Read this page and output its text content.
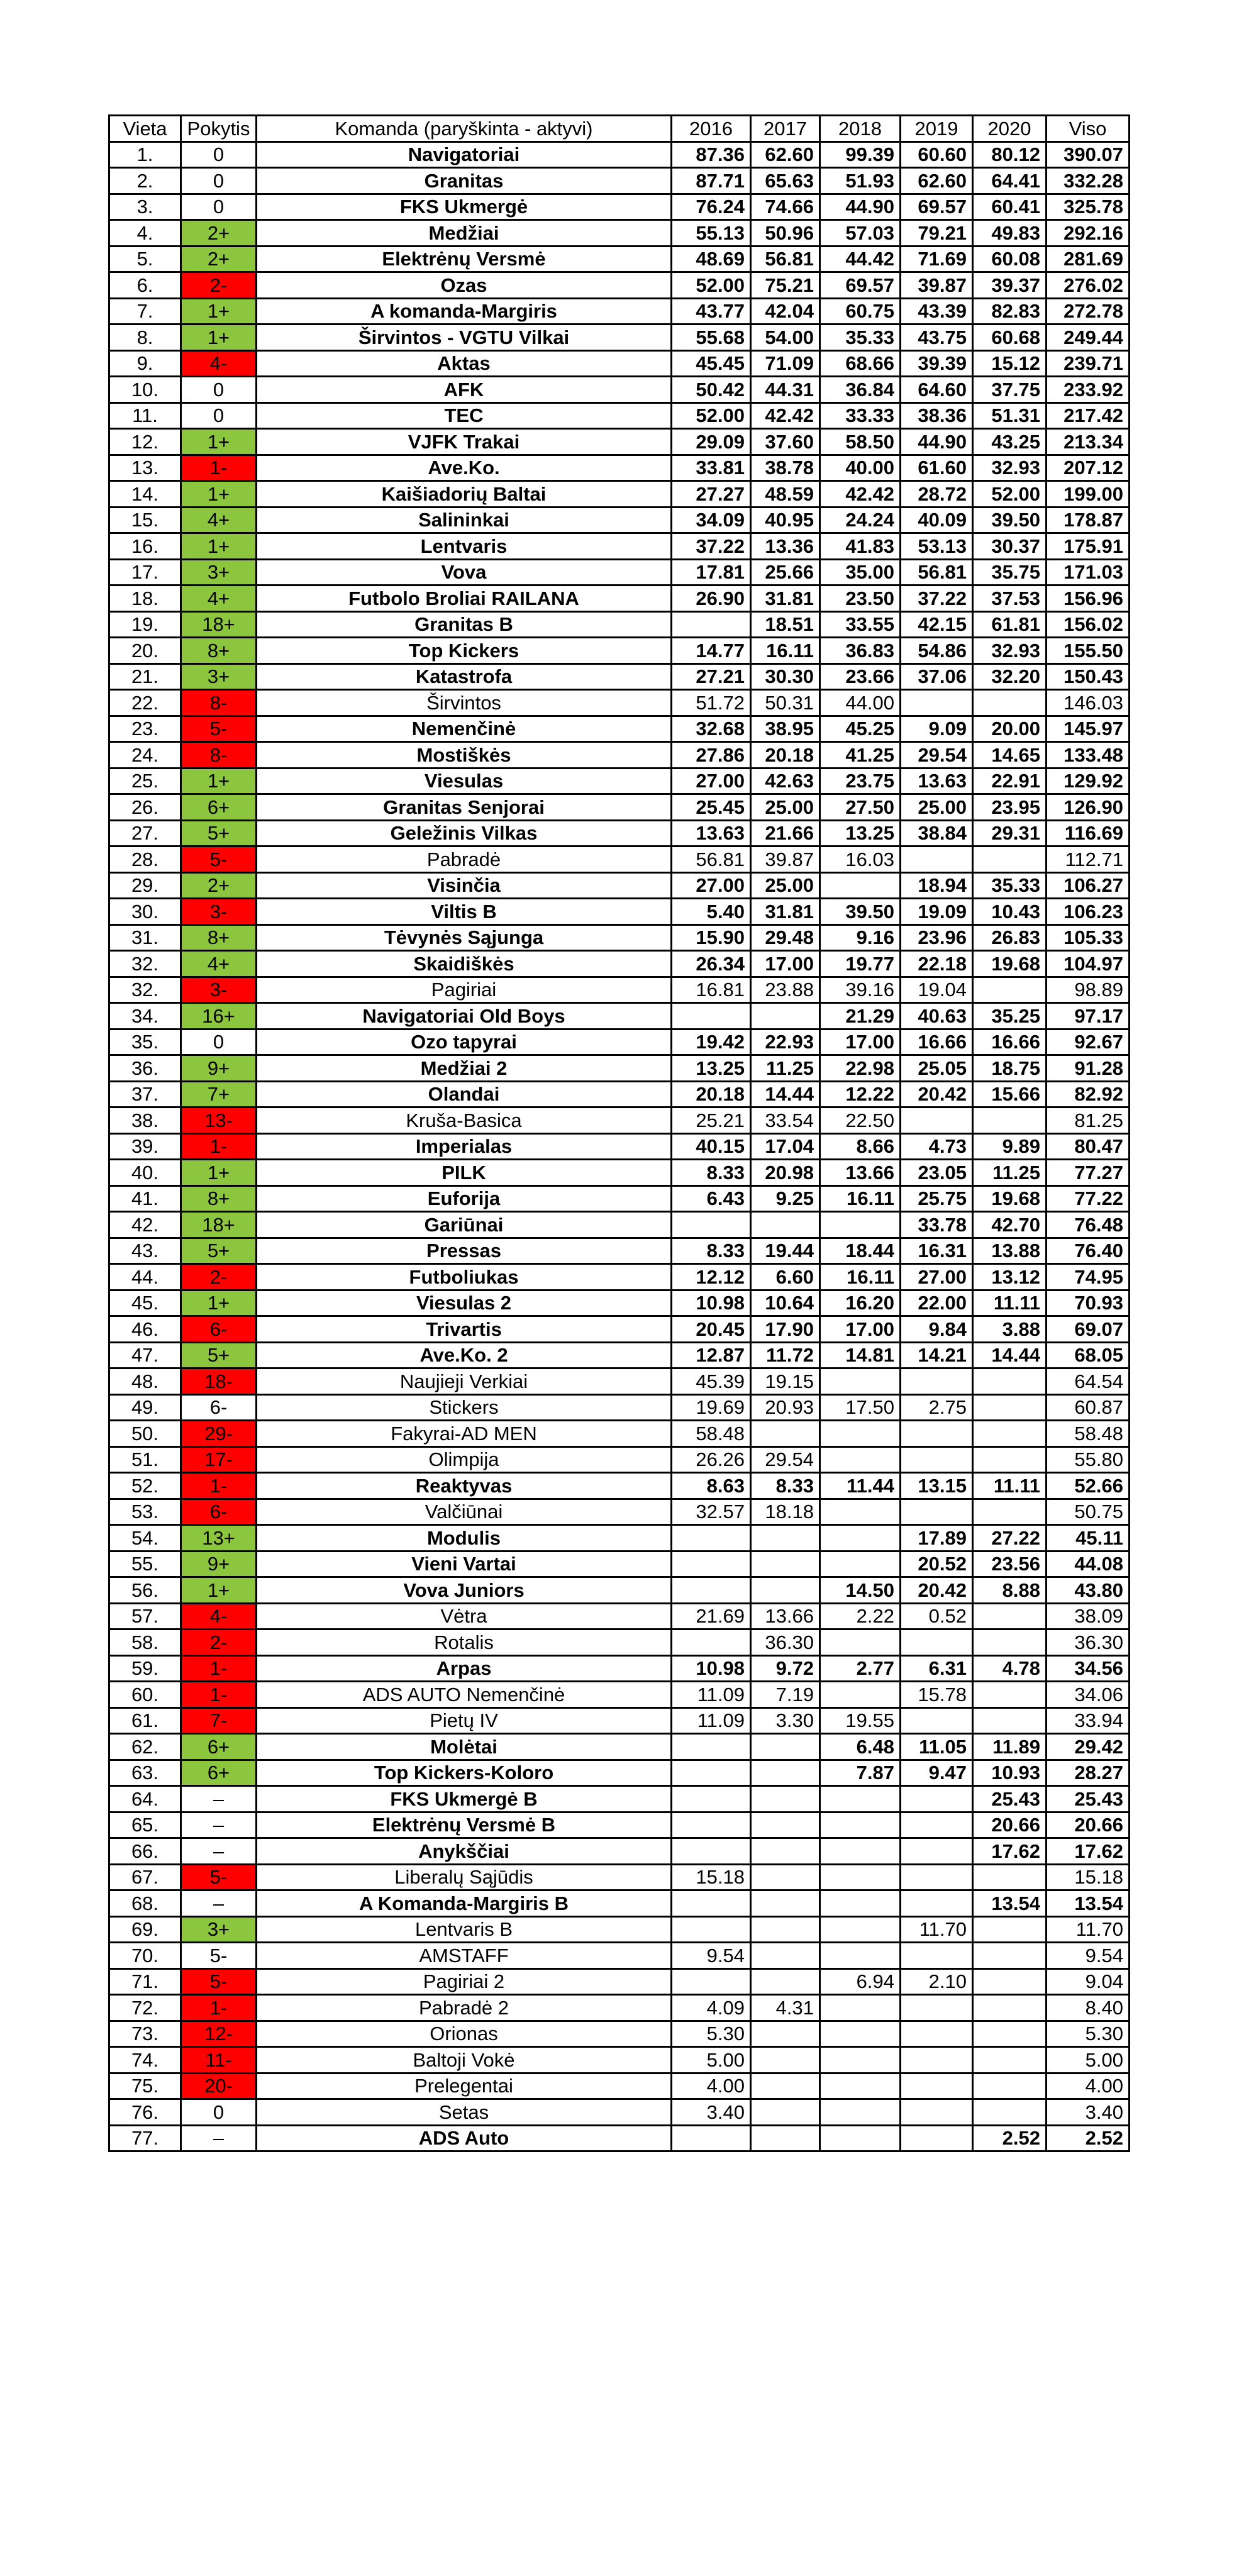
Vieta	Pokytis	Komanda (paryškinta - aktyvi)	2016	2017	2018	2019	2020	Viso
1.	0	Navigatoriai	87.36	62.60	99.39	60.60	80.12	390.07
2.	0	Granitas	87.71	65.63	51.93	62.60	64.41	332.28
3.	0	FKS Ukmergė	76.24	74.66	44.90	69.57	60.41	325.78
4.	2+	Medžiai	55.13	50.96	57.03	79.21	49.83	292.16
5.	2+	Elektrėnų Versmė	48.69	56.81	44.42	71.69	60.08	281.69
6.	2-	Ozas	52.00	75.21	69.57	39.87	39.37	276.02
7.	1+	A komanda-Margiris	43.77	42.04	60.75	43.39	82.83	272.78
8.	1+	Širvintos - VGTU Vilkai	55.68	54.00	35.33	43.75	60.68	249.44
9.	4-	Aktas	45.45	71.09	68.66	39.39	15.12	239.71
10.	0	AFK	50.42	44.31	36.84	64.60	37.75	233.92
11.	0	TEC	52.00	42.42	33.33	38.36	51.31	217.42
12.	1+	VJFK Trakai	29.09	37.60	58.50	44.90	43.25	213.34
13.	1-	Ave.Ko.	33.81	38.78	40.00	61.60	32.93	207.12
14.	1+	Kaišiadorių Baltai	27.27	48.59	42.42	28.72	52.00	199.00
15.	4+	Salininkai	34.09	40.95	24.24	40.09	39.50	178.87
16.	1+	Lentvaris	37.22	13.36	41.83	53.13	30.37	175.91
17.	3+	Vova	17.81	25.66	35.00	56.81	35.75	171.03
18.	4+	Futbolo Broliai RAILANA	26.90	31.81	23.50	37.22	37.53	156.96
19.	18+	Granitas B		18.51	33.55	42.15	61.81	156.02
20.	8+	Top Kickers	14.77	16.11	36.83	54.86	32.93	155.50
21.	3+	Katastrofa	27.21	30.30	23.66	37.06	32.20	150.43
22.	8-	Širvintos	51.72	50.31	44.00			146.03
23.	5-	Nemenčinė	32.68	38.95	45.25	9.09	20.00	145.97
24.	8-	Mostiškės	27.86	20.18	41.25	29.54	14.65	133.48
25.	1+	Viesulas	27.00	42.63	23.75	13.63	22.91	129.92
26.	6+	Granitas Senjorai	25.45	25.00	27.50	25.00	23.95	126.90
27.	5+	Geležinis Vilkas	13.63	21.66	13.25	38.84	29.31	116.69
28.	5-	Pabradė	56.81	39.87	16.03			112.71
29.	2+	Visinčia	27.00	25.00		18.94	35.33	106.27
30.	3-	Viltis B	5.40	31.81	39.50	19.09	10.43	106.23
31.	8+	Tėvynės Sąjunga	15.90	29.48	9.16	23.96	26.83	105.33
32.	4+	Skaidiškės	26.34	17.00	19.77	22.18	19.68	104.97
32.	3-	Pagiriai	16.81	23.88	39.16	19.04		98.89
34.	16+	Navigatoriai Old Boys			21.29	40.63	35.25	97.17
35.	0	Ozo tapyrai	19.42	22.93	17.00	16.66	16.66	92.67
36.	9+	Medžiai 2	13.25	11.25	22.98	25.05	18.75	91.28
37.	7+	Olandai	20.18	14.44	12.22	20.42	15.66	82.92
38.	13-	Kruša-Basica	25.21	33.54	22.50			81.25
39.	1-	Imperialas	40.15	17.04	8.66	4.73	9.89	80.47
40.	1+	PILK	8.33	20.98	13.66	23.05	11.25	77.27
41.	8+	Euforija	6.43	9.25	16.11	25.75	19.68	77.22
42.	18+	Gariūnai				33.78	42.70	76.48
43.	5+	Pressas	8.33	19.44	18.44	16.31	13.88	76.40
44.	2-	Futboliukas	12.12	6.60	16.11	27.00	13.12	74.95
45.	1+	Viesulas 2	10.98	10.64	16.20	22.00	11.11	70.93
46.	6-	Trivartis	20.45	17.90	17.00	9.84	3.88	69.07
47.	5+	Ave.Ko. 2	12.87	11.72	14.81	14.21	14.44	68.05
48.	18-	Naujieji Verkiai	45.39	19.15				64.54
49.	6-	Stickers	19.69	20.93	17.50	2.75		60.87
50.	29-	Fakyrai-AD MEN	58.48					58.48
51.	17-	Olimpija	26.26	29.54				55.80
52.	1-	Reaktyvas	8.63	8.33	11.44	13.15	11.11	52.66
53.	6-	Valčiūnai	32.57	18.18				50.75
54.	13+	Modulis				17.89	27.22	45.11
55.	9+	Vieni Vartai				20.52	23.56	44.08
56.	1+	Vova Juniors			14.50	20.42	8.88	43.80
57.	4-	Vėtra	21.69	13.66	2.22	0.52		38.09
58.	2-	Rotalis		36.30				36.30
59.	1-	Arpas	10.98	9.72	2.77	6.31	4.78	34.56
60.	1-	ADS AUTO Nemenčinė	11.09	7.19		15.78		34.06
61.	7-	Pietų IV	11.09	3.30	19.55			33.94
62.	6+	Molėtai			6.48	11.05	11.89	29.42
63.	6+	Top Kickers-Koloro			7.87	9.47	10.93	28.27
64.	–	FKS Ukmergė B					25.43	25.43
65.	–	Elektrėnų Versmė B					20.66	20.66
66.	–	Anykščiai					17.62	17.62
67.	5-	Liberalų Sąjūdis	15.18					15.18
68.	–	A Komanda-Margiris B					13.54	13.54
69.	3+	Lentvaris B				11.70		11.70
70.	5-	AMSTAFF	9.54					9.54
71.	5-	Pagiriai 2			6.94	2.10		9.04
72.	1-	Pabradė 2	4.09	4.31				8.40
73.	12-	Orionas	5.30					5.30
74.	11-	Baltoji Vokė	5.00					5.00
75.	20-	Prelegentai	4.00					4.00
76.	0	Setas	3.40					3.40
77.	–	ADS Auto					2.52	2.52
